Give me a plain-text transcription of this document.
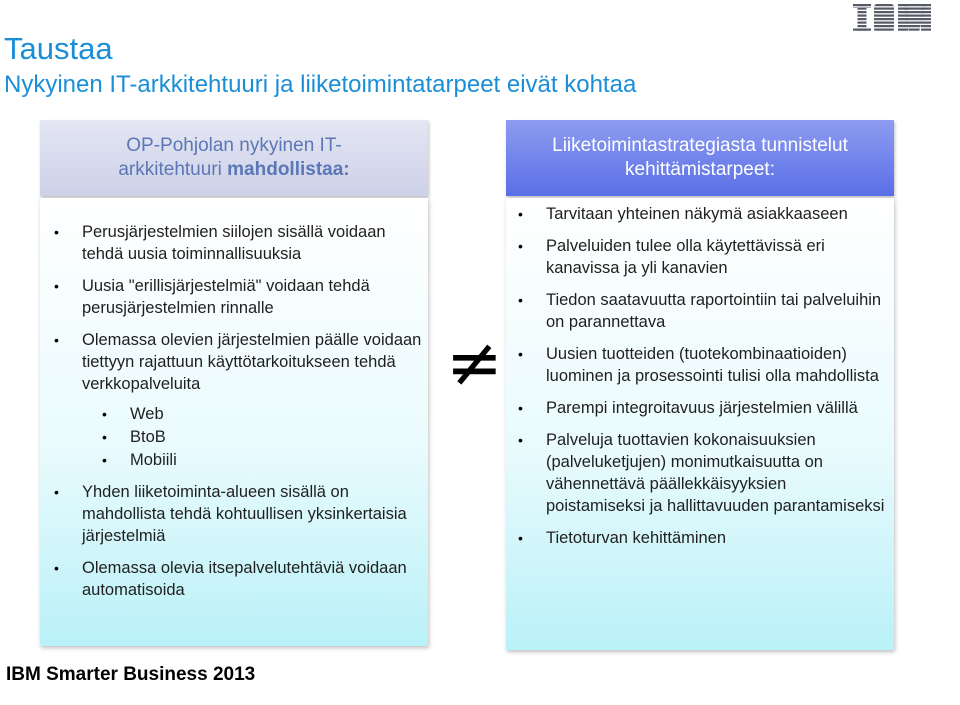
Taustaa
Nykyinen IT-arkkitehtuuri ja liiketoimintatarpeet eivät kohtaa
OP-Pohjolan nykyinen IT-
arkkitehtuuri mahdollistaa:
• Perusjärjestelmien siilojen sisällä voidaan tehdä uusia toiminnallisuuksia
• Uusia "erillisjärjestelmiä" voidaan tehdä perusjärjestelmien rinnalle
• Olemassa olevien järjestelmien päälle voidaan tiettyyn rajattuun käyttötarkoitukseen tehdä verkkopalveluita
• Web
• BtoB
• Mobiili
• Yhden liiketoiminta-alueen sisällä on mahdollista tehdä kohtuullisen yksinkertaisia järjestelmiä
• Olemassa olevia itsepalvelutehtäviä voidaan automatisoida
≠
Liiketoimintastrategiasta tunnistelut
kehittämistarpeet:
• Tarvitaan yhteinen näkymä asiakkaaseen
• Palveluiden tulee olla käytettävissä eri kanavissa ja yli kanavien
• Tiedon saatavuutta raportointiin tai palveluihin on parannettava
• Uusien tuotteiden (tuotekombinaatioiden) luominen ja prosessointi tulisi olla mahdollista
• Parempi integroitavuus järjestelmien välillä
• Palveluja tuottavien kokonaisuuksien (palveluketjujen) monimutkaisuutta on vähennettävä päällekkäisyyksien poistamiseksi ja hallittavuuden parantamiseksi
• Tietoturvan kehittäminen
IBM Smarter Business 2013
